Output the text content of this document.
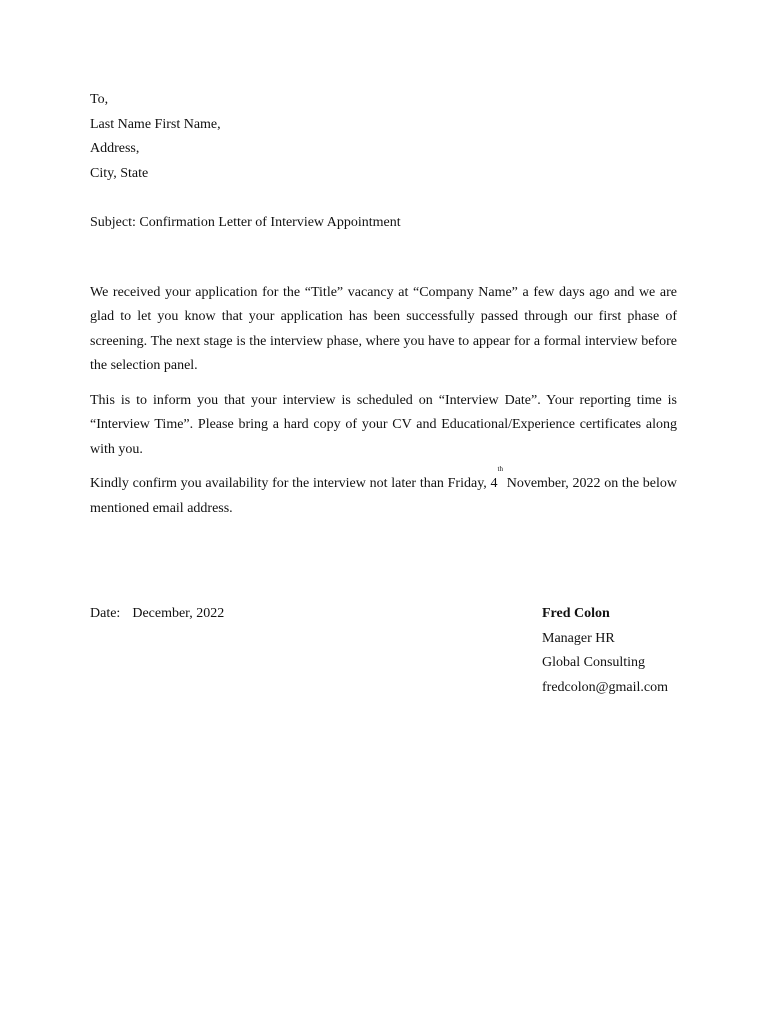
To,
Last Name First Name,
Address,
City, State
Subject: Confirmation Letter of Interview Appointment

We received your application for the “Title” vacancy at “Company Name” a few days ago and we are glad to let you know that your application has been successfully passed through our first phase of screening. The next stage is the interview phase, where you have to appear for a formal interview before the selection panel.

This is to inform you that your interview is scheduled on “Interview Date”. Your reporting time is “Interview Time”. Please bring a hard copy of your CV and Educational/Experience certificates along with you.

Kindly confirm you availability for the interview not later than Friday, 4th November, 2022 on the below mentioned email address.

Date: December, 2022	Fred Colon
Manager HR
Global Consulting
fredcolon@gmail.com
